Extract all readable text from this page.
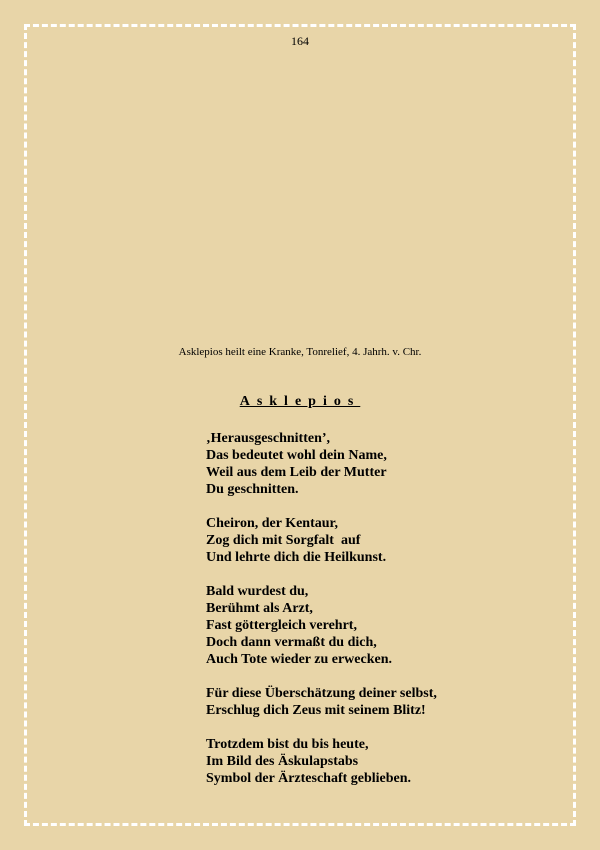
164
Asklepios heilt eine Kranke, Tonrelief, 4. Jahrh. v. Chr.
Asklepios
‚Herausgeschnitten’,
Das bedeutet wohl dein Name,
Weil aus dem Leib der Mutter
Du geschnitten.
Cheiron, der Kentaur,
Zog dich mit Sorgfalt  auf
Und lehrte dich die Heilkunst.
Bald wurdest du,
Berühmt als Arzt,
Fast göttergleich verehrt,
Doch dann vermaßt du dich,
Auch Tote wieder zu erwecken.
Für diese Überschätzung deiner selbst,
Erschlug dich Zeus mit seinem Blitz!
Trotzdem bist du bis heute,
Im Bild des Äskulapstabs
Symbol der Ärzteschaft geblieben.
